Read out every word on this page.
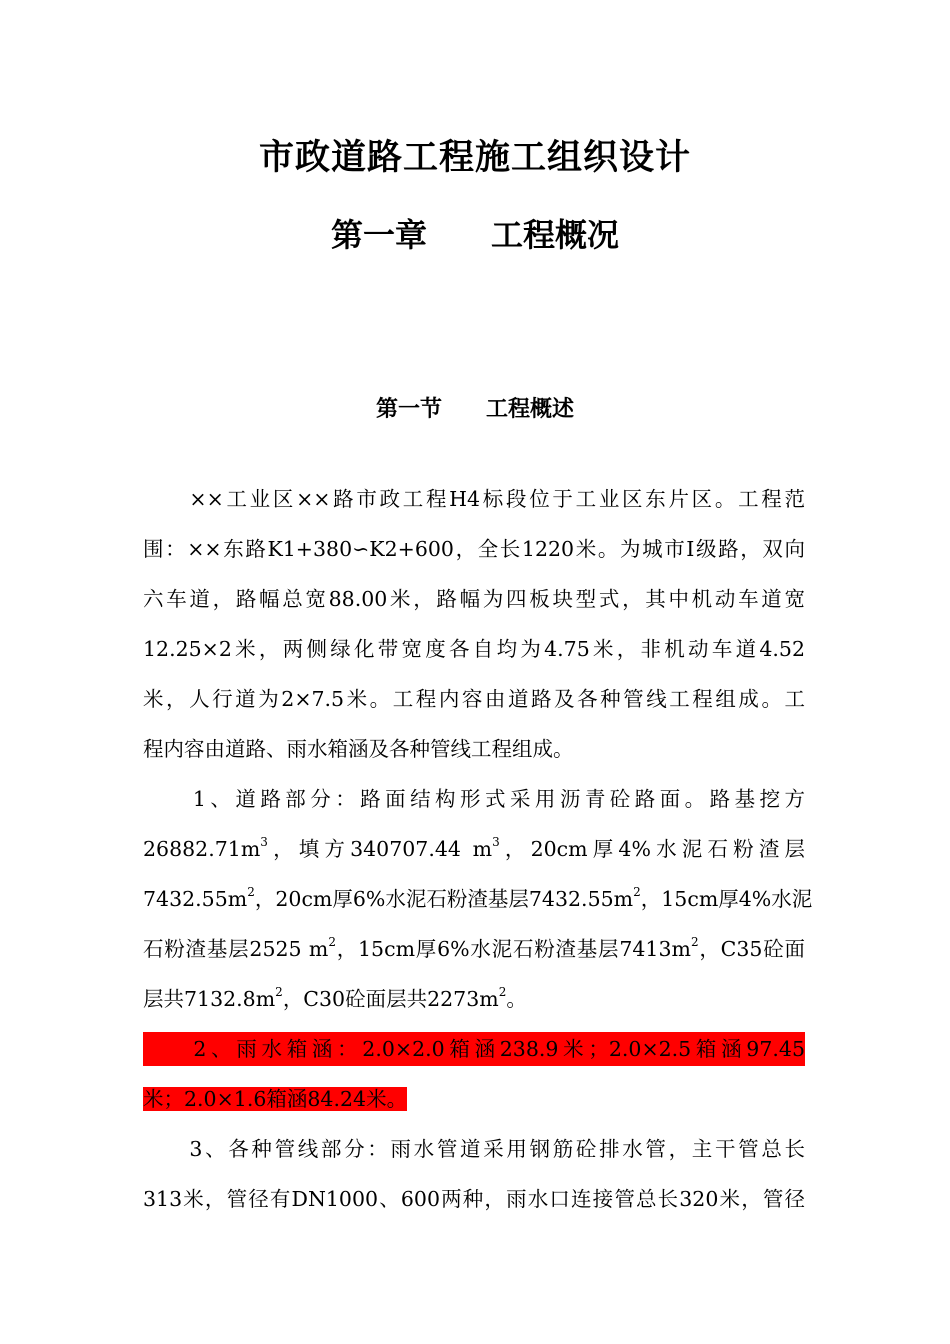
市政道路工程施工组织设计
第一章　　工程概况
第一节　　工程概述
　　××工业区××路市政工程H4标段位于工业区东片区。工程范
围：××东路K1+380∽K2+600，全长1220米。为城市Ⅰ级路，双向
六车道，路幅总宽88.00米，路幅为四板块型式，其中机动车道宽
12.25×2米，两侧绿化带宽度各自均为4.75米，非机动车道4.52
米，人行道为2×7.5米。工程内容由道路及各种管线工程组成。工
程内容由道路、雨水箱涵及各种管线工程组成。
　　1、道路部分：路面结构形式采用沥青砼路面。路基挖方
$26882.71m^3$，填方340707.44 $m^3$，20cm厚4%水泥石粉渣层
$7432.55m^2$，20cm厚6%水泥石粉渣基层$7432.55m^2$，15cm厚4%水泥
石粉渣基层2525 $m^2$，15cm厚6%水泥石粉渣基层$7413m^2$，C35砼面
层共$7132.8m^2$，C30砼面层共$2273m^2$。
　　2、雨水箱涵：2.0×2.0箱涵238.9米；2.0×2.5箱涵97.45
米；2.0×1.6箱涵84.24米。
　　3、各种管线部分：雨水管道采用钢筋砼排水管，主干管总长
313米，管径有DN1000、600两种，雨水口连接管总长320米，管径
